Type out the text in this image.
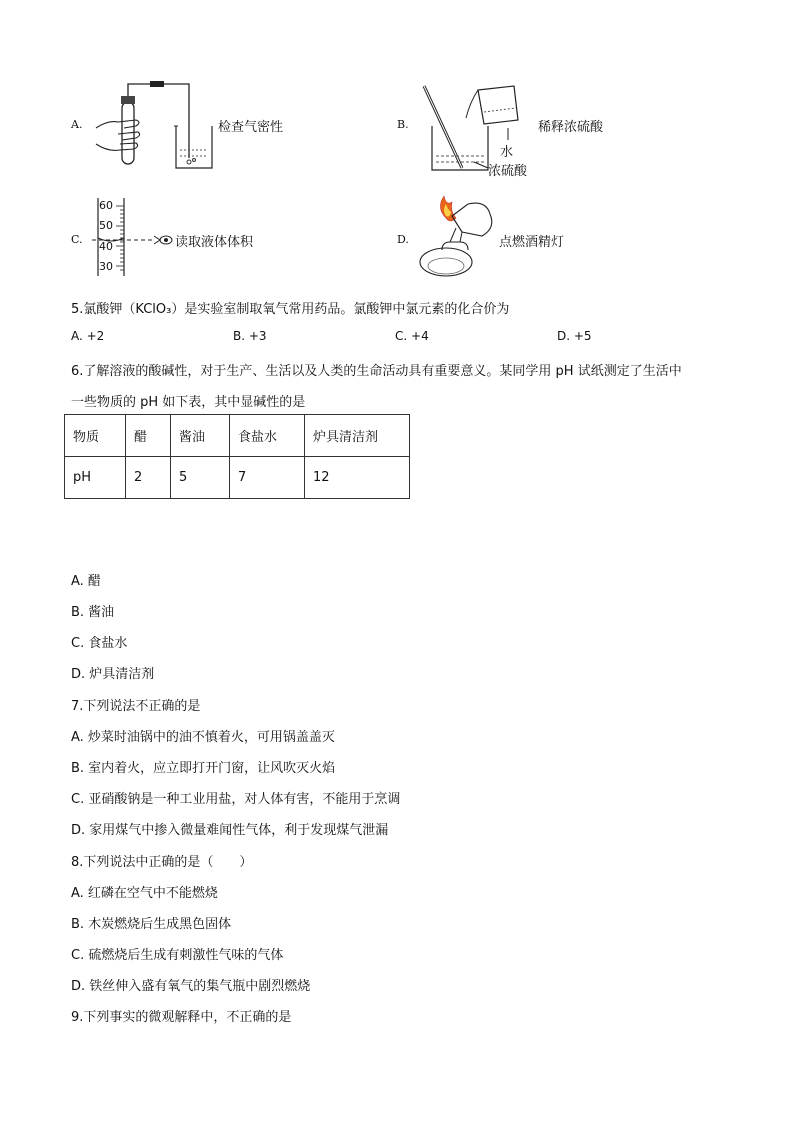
A.	检查气密性	B.	稀释浓硫酸
水
浓硫酸
C.
60
50
40
30
读取液体体积	D.	点燃酒精灯
5.氯酸钾（KClO₃）是实验室制取氧气常用药品。氯酸钾中氯元素的化合价为
A. +2	B. +3	C. +4	D. +5
6.了解溶液的酸碱性，对于生产、生活以及人类的生命活动具有重要意义。某同学用 pH 试纸测定了生活中
一些物质的 pH 如下表，其中显碱性的是
物质	醋	酱油	食盐水	炉具清洁剂
pH	2	5	7	12
A. 醋
B. 酱油
C. 食盐水
D. 炉具清洁剂
7.下列说法不正确的是
A. 炒菜时油锅中的油不慎着火，可用锅盖盖灭
B. 室内着火，应立即打开门窗，让风吹灭火焰
C. 亚硝酸钠是一种工业用盐，对人体有害，不能用于烹调
D. 家用煤气中掺入微量难闻性气体，利于发现煤气泄漏
8.下列说法中正确的是（　　）
A. 红磷在空气中不能燃烧
B. 木炭燃烧后生成黑色固体
C. 硫燃烧后生成有刺激性气味的气体
D. 铁丝伸入盛有氧气的集气瓶中剧烈燃烧
9.下列事实的微观解释中，不正确的是
